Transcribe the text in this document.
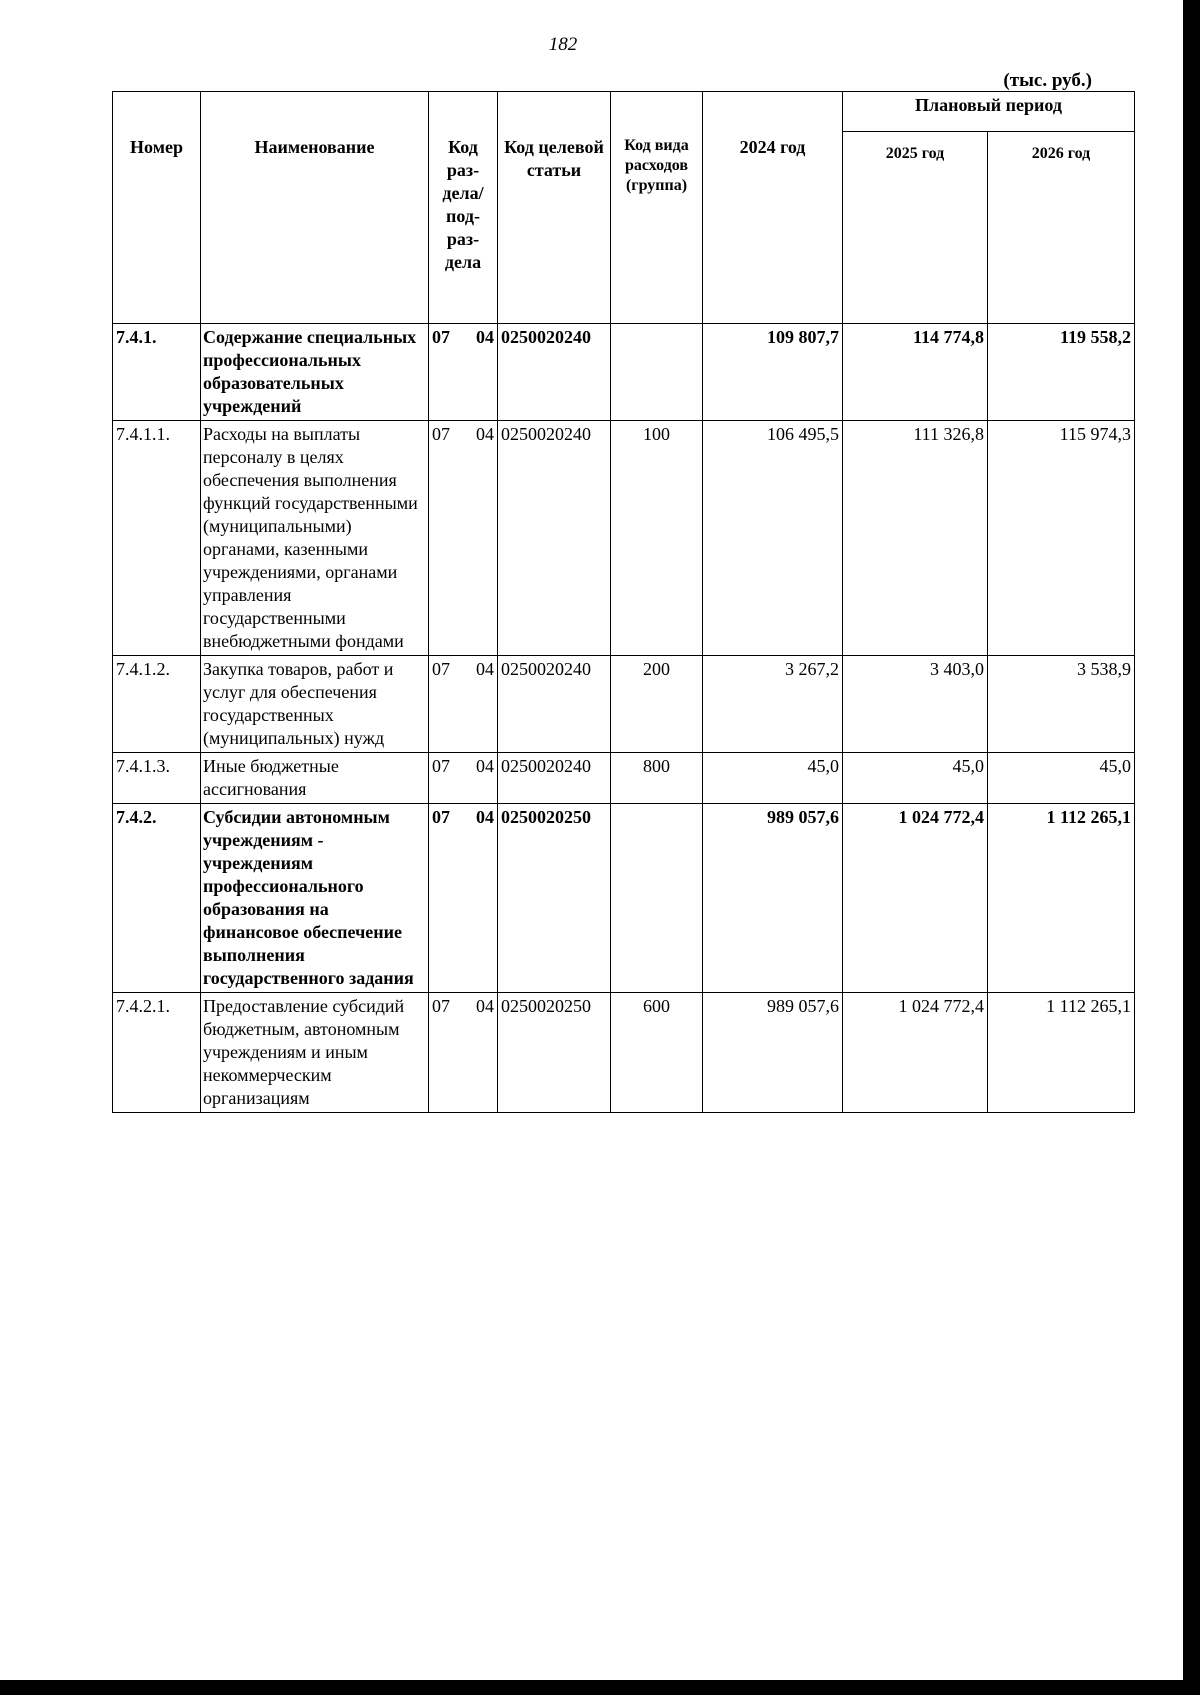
182
(тыс. руб.)
Номер	Наименование	Код раз-дела/ под-раз-дела	Код целевой статьи	Код вида расходов (группа)	2024 год	Плановый период	
						2025 год	2026 год
7.4.1.	Содержание специальных профессиональных образовательных учреждений	07 04	0250020240		109 807,7	114 774,8	119 558,2
7.4.1.1.	Расходы на выплаты персоналу в целях обеспечения выполнения функций государственными (муниципальными) органами, казенными учреждениями, органами управления государственными внебюджетными фондами	07 04	0250020240	100	106 495,5	111 326,8	115 974,3
7.4.1.2.	Закупка товаров, работ и услуг для обеспечения государственных (муниципальных) нужд	07 04	0250020240	200	3 267,2	3 403,0	3 538,9
7.4.1.3.	Иные бюджетные ассигнования	07 04	0250020240	800	45,0	45,0	45,0
7.4.2.	Субсидии автономным учреждениям - учреждениям профессионального образования на финансовое обеспечение выполнения государственного задания	07 04	0250020250		989 057,6	1 024 772,4	1 112 265,1
7.4.2.1.	Предоставление субсидий бюджетным, автономным учреждениям и иным некоммерческим организациям	07 04	0250020250	600	989 057,6	1 024 772,4	1 112 265,1
